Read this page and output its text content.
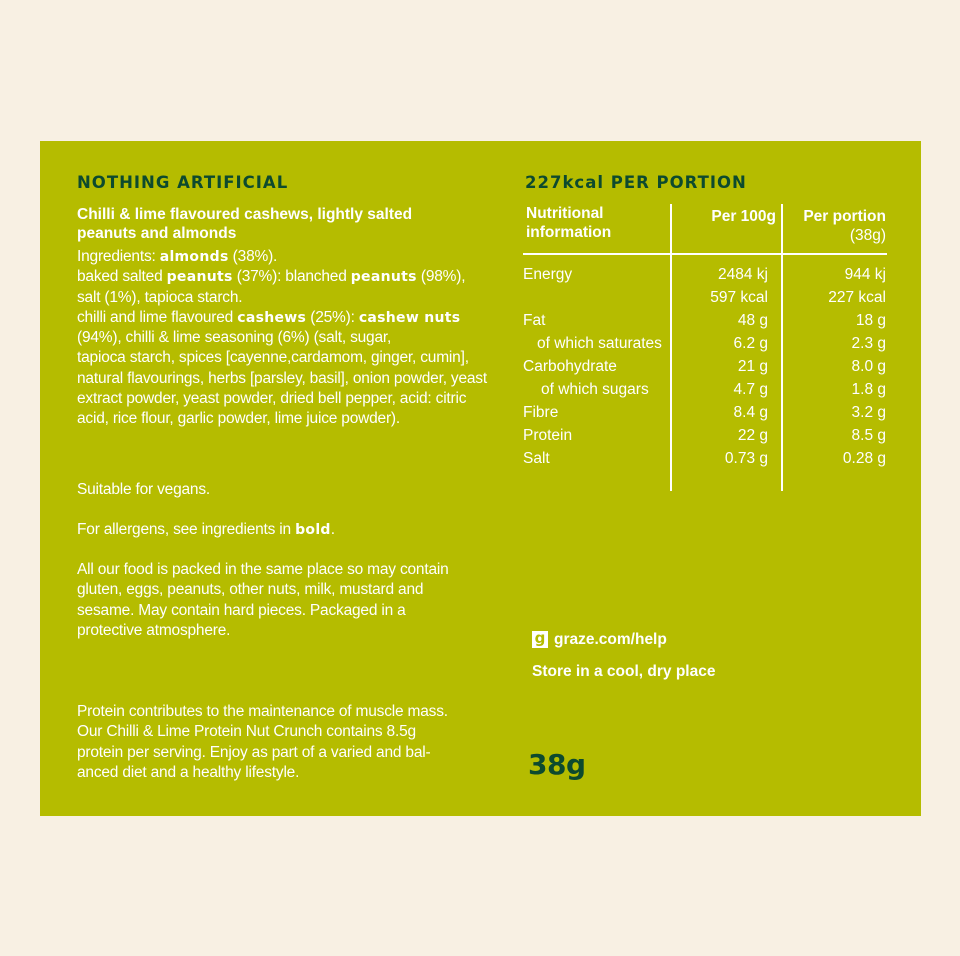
NOTHING ARTIFICIAL
Chilli & lime flavoured cashews, lightly salted
peanuts and almonds
Ingredients: almonds (38%).
baked salted peanuts (37%): blanched peanuts (98%),
salt (1%), tapioca starch.
chilli and lime flavoured cashews (25%): cashew nuts
(94%), chilli & lime seasoning (6%) (salt, sugar,
tapioca starch, spices [cayenne,cardamom, ginger, cumin],
natural flavourings, herbs [parsley, basil], onion powder, yeast
extract powder, yeast powder, dried bell pepper, acid: citric
acid, rice flour, garlic powder, lime juice powder).
Suitable for vegans.
For allergens, see ingredients in bold.
All our food is packed in the same place so may contain
gluten, eggs, peanuts, other nuts, milk, mustard and
sesame. May contain hard pieces. Packaged in a
protective atmosphere.
Protein contributes to the maintenance of muscle mass.
Our Chilli & Lime Protein Nut Crunch contains 8.5g
protein per serving. Enjoy as part of a varied and bal-
anced diet and a healthy lifestyle.
227kcal PER PORTION
Nutritional
information
Per 100g	Per portion
(38g)
Energy	2484 kj	944 kj
597 kcal	227 kcal
Fat	48 g	18 g
of which saturates	6.2 g	2.3 g
Carbohydrate	21 g	8.0 g
of which sugars	4.7 g	1.8 g
Fibre	8.4 g	3.2 g
Protein	22 g	8.5 g
Salt	0.73 g	0.28 g
g graze.com/help
Store in a cool, dry place
38g
